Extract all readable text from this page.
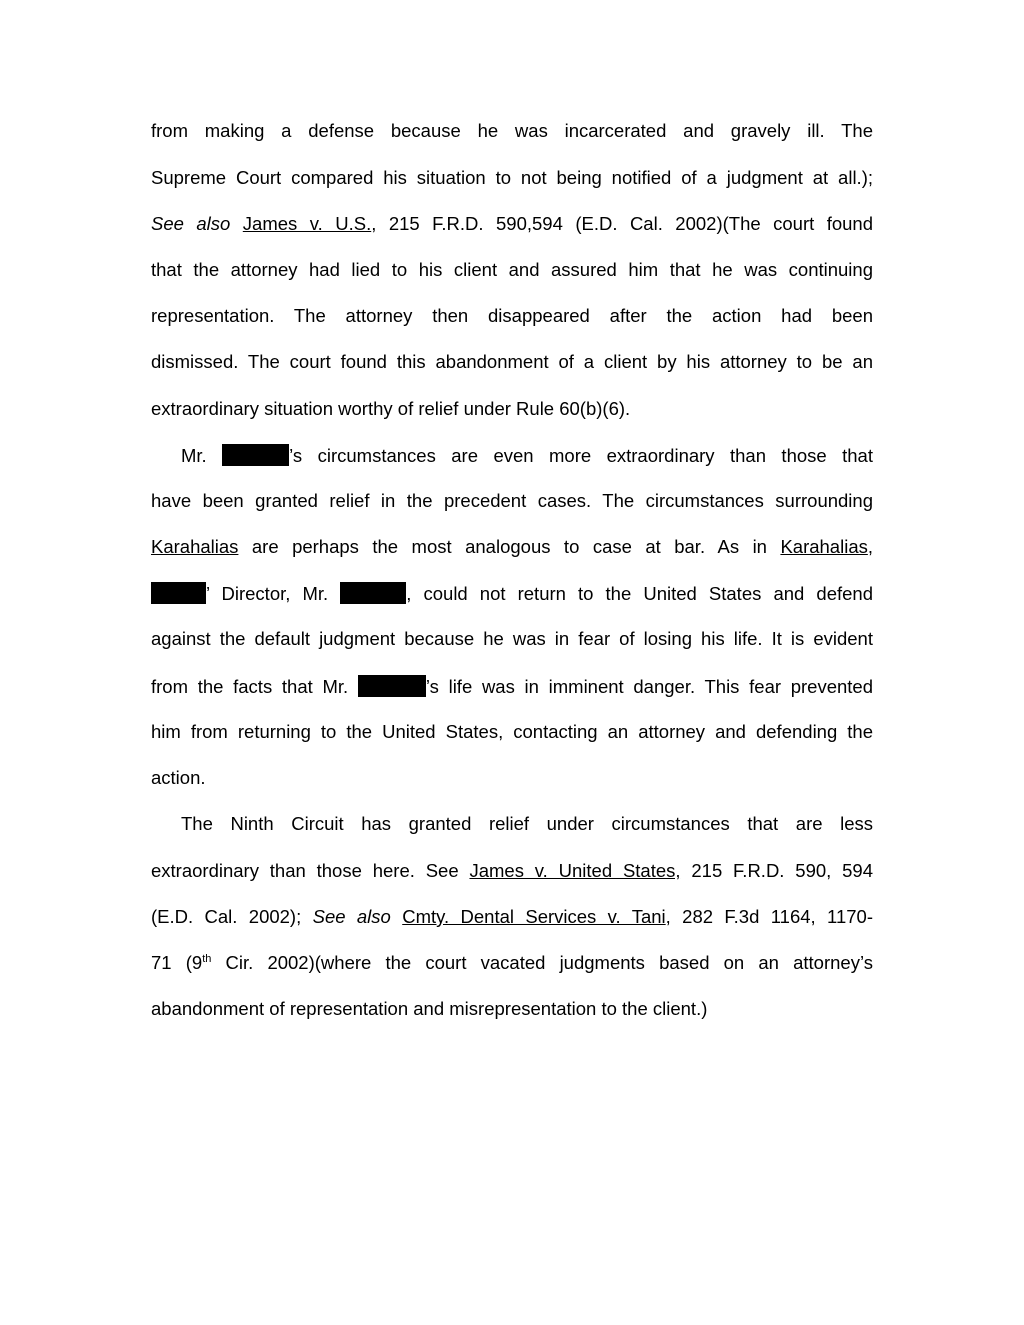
from making a defense because he was incarcerated and gravely ill. The
Supreme Court compared his situation to not being notified of a judgment at all.);
See also James v. U.S., 215 F.R.D. 590,594 (E.D. Cal. 2002)(The court found
that the attorney had lied to his client and assured him that he was continuing
representation. The attorney then disappeared after the action had been
dismissed. The court found this abandonment of a client by his attorney to be an
extraordinary situation worthy of relief under Rule 60(b)(6).
Mr.	’s circumstances are even more extraordinary than those that
have been granted relief in the precedent cases. The circumstances surrounding
Karahalias are perhaps the most analogous to case at bar. As in Karahalias,
’ Director, Mr.	, could not return to the United States and defend
against the default judgment because he was in fear of losing his life. It is evident
from the facts that Mr.	’s life was in imminent danger. This fear prevented
him from returning to the United States, contacting an attorney and defending the
action.
The Ninth Circuit has granted relief under circumstances that are less
extraordinary than those here. See James v. United States, 215 F.R.D. 590, 594
(E.D. Cal. 2002); See also Cmty. Dental Services v. Tani, 282 F.3d 1164, 1170-
71 (9th Cir. 2002)(where the court vacated judgments based on an attorney’s
abandonment of representation and misrepresentation to the client.)
